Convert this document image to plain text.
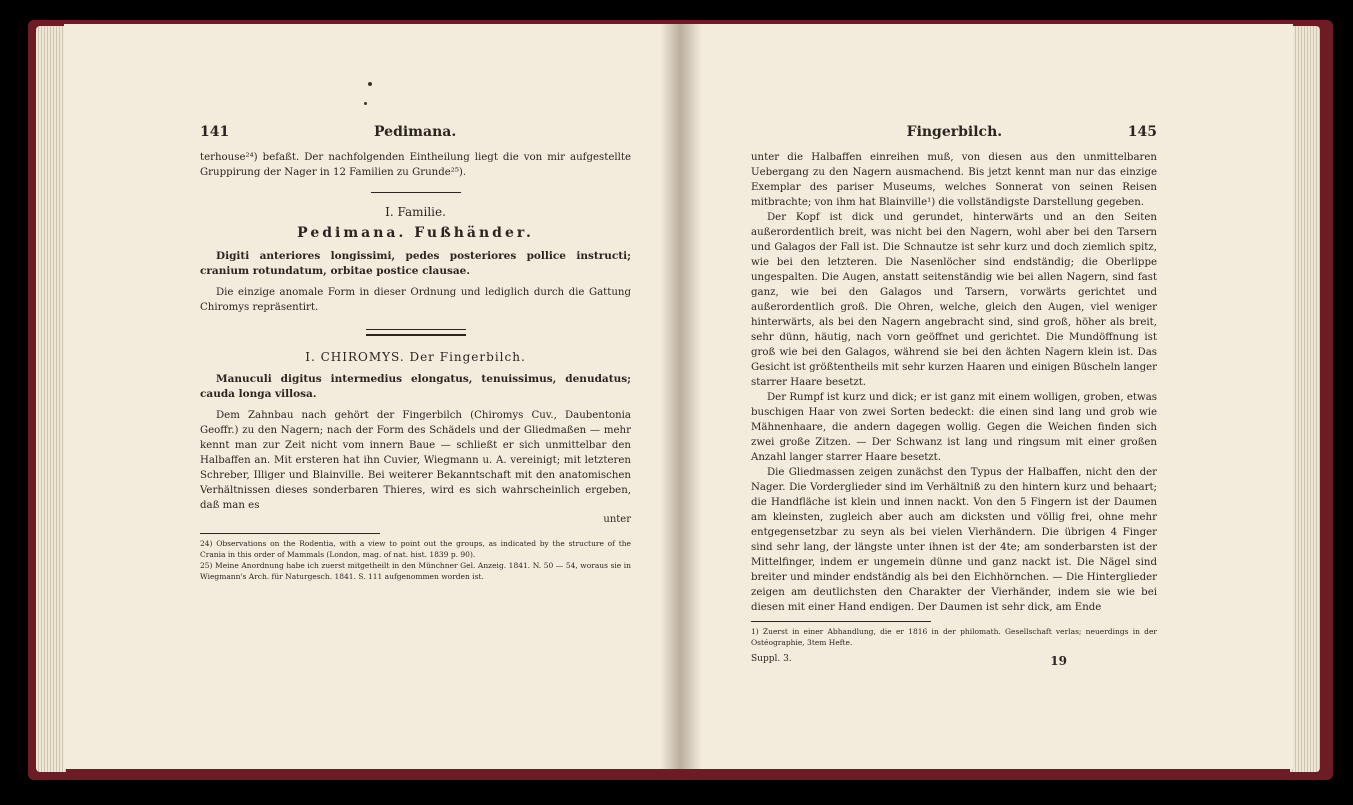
141	Pedimana.

terhouse²⁴) befaßt. Der nachfolgenden Eintheilung liegt die von mir aufgestellte Gruppirung der Nager in 12 Familien zu Grunde²⁵).

I. Familie.
Pedimana. Fußhänder.
Digiti anteriores longissimi, pedes posteriores pollice instructi; cranium rotundatum, orbitae postice clausae.

Die einzige anomale Form in dieser Ordnung und lediglich durch die Gattung Chiromys repräsentirt.

I. CHIROMYS. Der Fingerbilch.
Manuculi digitus intermedius elongatus, tenuissimus, denudatus; cauda longa villosa.

Dem Zahnbau nach gehört der Fingerbilch (Chiromys Cuv., Daubentonia Geoffr.) zu den Nagern; nach der Form des Schädels und der Gliedmaßen — mehr kennt man zur Zeit nicht vom innern Baue — schließt er sich unmittelbar den Halbaffen an. Mit ersteren hat ihn Cuvier, Wiegmann u. A. vereinigt; mit letzteren Schreber, Illiger und Blainville. Bei weiterer Bekanntschaft mit den anatomischen Verhältnissen dieses sonderbaren Thieres, wird es sich wahrscheinlich ergeben, daß man es

unter
24) Observations on the Rodentia, with a view to point out the groups, as indicated by the structure of the Crania in this order of Mammals (London, mag. of nat. hist. 1839 p. 90).
25) Meine Anordnung habe ich zuerst mitgetheilt in den Münchner Gel. Anzeig. 1841. N. 50 — 54, woraus sie in Wiegmann's Arch. für Naturgesch. 1841. S. 111 aufgenommen worden ist.
Fingerbilch.	145

unter die Halbaffen einreihen muß, von diesen aus den unmittelbaren Uebergang zu den Nagern ausmachend. Bis jetzt kennt man nur das einzige Exemplar des pariser Museums, welches Sonnerat von seinen Reisen mitbrachte; von ihm hat Blainville¹) die vollständigste Darstellung gegeben.

Der Kopf ist dick und gerundet, hinterwärts und an den Seiten außerordentlich breit, was nicht bei den Nagern, wohl aber bei den Tarsern und Galagos der Fall ist. Die Schnautze ist sehr kurz und doch ziemlich spitz, wie bei den letzteren. Die Nasenlöcher sind endständig; die Oberlippe ungespalten. Die Augen, anstatt seitenständig wie bei allen Nagern, sind fast ganz, wie bei den Galagos und Tarsern, vorwärts gerichtet und außerordentlich groß. Die Ohren, welche, gleich den Augen, viel weniger hinterwärts, als bei den Nagern angebracht sind, sind groß, höher als breit, sehr dünn, häutig, nach vorn geöffnet und gerichtet. Die Mundöffnung ist groß wie bei den Galagos, während sie bei den ächten Nagern klein ist. Das Gesicht ist größtentheils mit sehr kurzen Haaren und einigen Büscheln langer starrer Haare besetzt.

Der Rumpf ist kurz und dick; er ist ganz mit einem wolligen, groben, etwas buschigen Haar von zwei Sorten bedeckt: die einen sind lang und grob wie Mähnenhaare, die andern dagegen wollig. Gegen die Weichen finden sich zwei große Zitzen. — Der Schwanz ist lang und ringsum mit einer großen Anzahl langer starrer Haare besetzt.

Die Gliedmassen zeigen zunächst den Typus der Halbaffen, nicht den der Nager. Die Vorderglieder sind im Verhältniß zu den hintern kurz und behaart; die Handfläche ist klein und innen nackt. Von den 5 Fingern ist der Daumen am kleinsten, zugleich aber auch am dicksten und völlig frei, ohne mehr entgegensetzbar zu seyn als bei vielen Vierhändern. Die übrigen 4 Finger sind sehr lang, der längste unter ihnen ist der 4te; am sonderbarsten ist der Mittelfinger, indem er ungemein dünne und ganz nackt ist. Die Nägel sind breiter und minder endständig als bei den Eichhörnchen. — Die Hinterglieder zeigen am deutlichsten den Charakter der Vierhänder, indem sie wie bei diesen mit einer Hand endigen. Der Daumen ist sehr dick, am Ende

1) Zuerst in einer Abhandlung, die er 1816 in der philomath. Gesellschaft verlas; neuerdings in der Ostéographie, 3tem Hefte.
Suppl. 3.	19
